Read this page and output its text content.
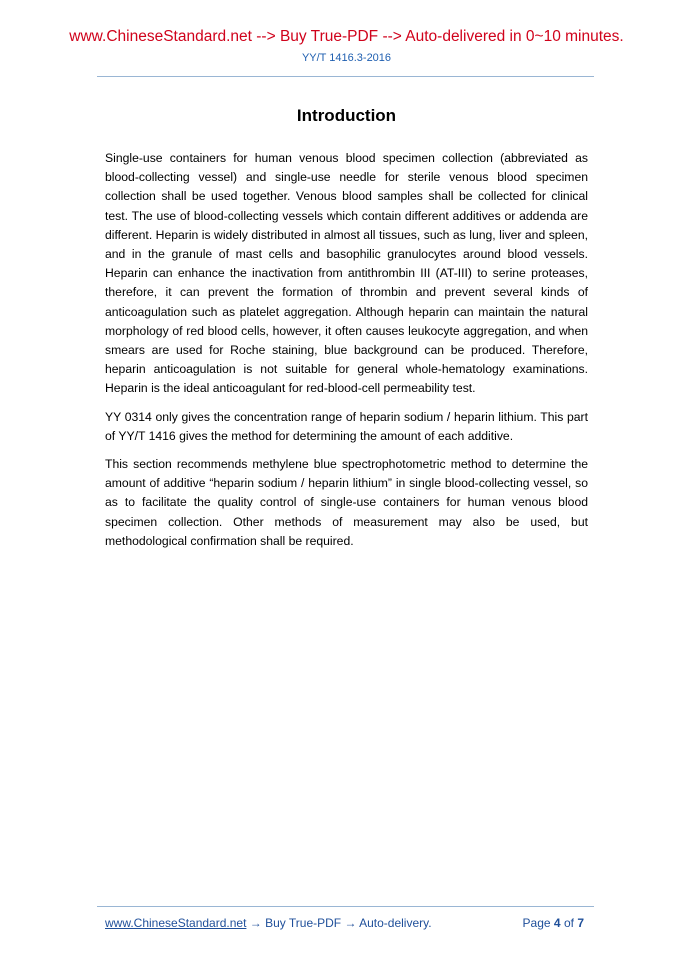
www.ChineseStandard.net --> Buy True-PDF --> Auto-delivered in 0~10 minutes.
YY/T 1416.3-2016
Introduction

Single-use containers for human venous blood specimen collection (abbreviated as blood-collecting vessel) and single-use needle for sterile venous blood specimen collection shall be used together. Venous blood samples shall be collected for clinical test. The use of blood-collecting vessels which contain different additives or addenda are different. Heparin is widely distributed in almost all tissues, such as lung, liver and spleen, and in the granule of mast cells and basophilic granulocytes around blood vessels. Heparin can enhance the inactivation from antithrombin III (AT-III) to serine proteases, therefore, it can prevent the formation of thrombin and prevent several kinds of anticoagulation such as platelet aggregation. Although heparin can maintain the natural morphology of red blood cells, however, it often causes leukocyte aggregation, and when smears are used for Roche staining, blue background can be produced. Therefore, heparin anticoagulation is not suitable for general whole-hematology examinations. Heparin is the ideal anticoagulant for red-blood-cell permeability test.

YY 0314 only gives the concentration range of heparin sodium / heparin lithium. This part of YY/T 1416 gives the method for determining the amount of each additive.

This section recommends methylene blue spectrophotometric method to determine the amount of additive “heparin sodium / heparin lithium” in single blood-collecting vessel, so as to facilitate the quality control of single-use containers for human venous blood specimen collection. Other methods of measurement may also be used, but methodological confirmation shall be required.

www.ChineseStandard.net → Buy True-PDF → Auto-delivery.	Page 4 of 7
